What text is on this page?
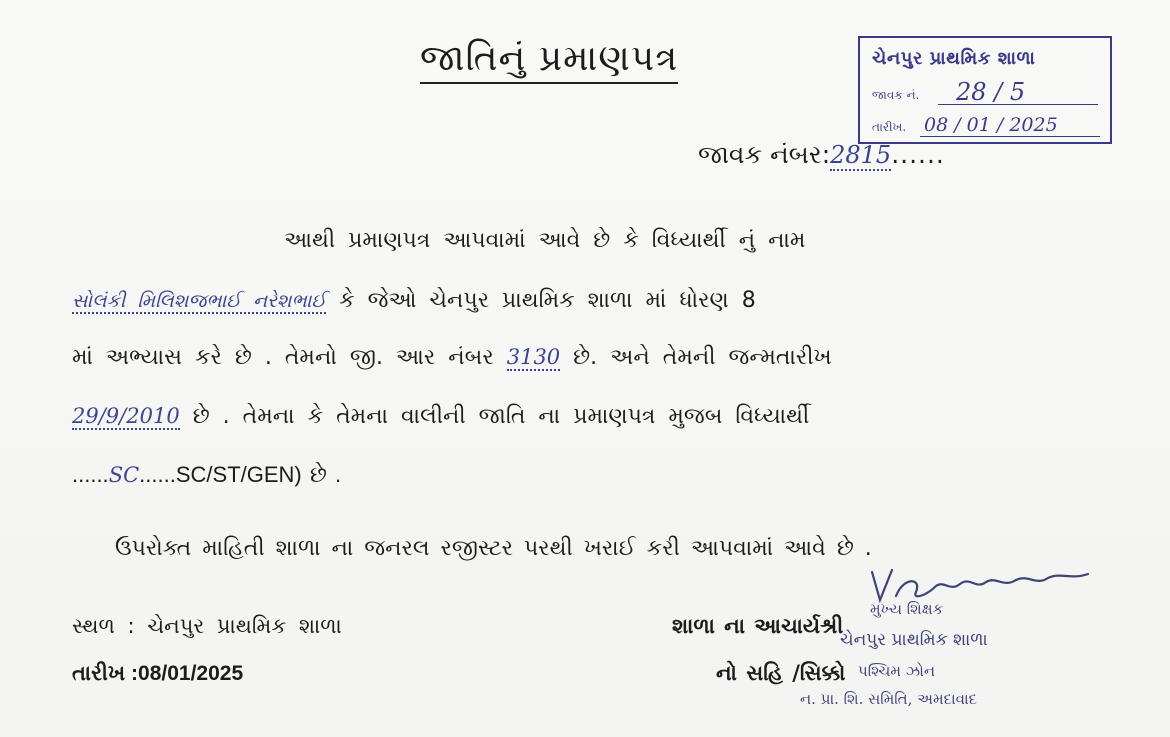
જાતિનું પ્રમાણપત્ર	ચેનપુર પ્રાથમિક શાળા
જાવક નં. 28 / 5
તારીખ. 08 / 01 / 2025
જાવક નંબર:2815......
આથી પ્રમાણપત્ર આપવામાં આવે છે કે વિધ્યાર્થી નું નામ
સોલંકી મિલિશજભાઈ નરેશભાઈ કે જેઓ ચેનપુર પ્રાથમિક શાળા માં ધોરણ 8
માં અભ્યાસ કરે છે . તેમનો જી. આર નંબર 3130 છે. અને તેમની જન્મતારીખ
29/9/2010 છે . તેમના કે તેમના વાલીની જાતિ ના પ્રમાણપત્ર મુજબ વિધ્યાર્થી
......SC......SC/ST/GEN) છે .
ઉપરોક્ત માહિતી શાળા ના જનરલ રજીસ્ટર પરથી ખરાઈ કરી આપવામાં આવે છે .
સ્થળ : ચેનપુર પ્રાથમિક શાળા
તારીખ :08/01/2025
શાળા ના આચાર્યશ્રી
નો સહિ /સિક્કો
મુખ્ય શિક્ષક
ચેનપુર પ્રાથમિક શાળા
પશ્ચિમ ઝોન
ન. પ્રા. શિ. સમિતિ, અમદાવાદ
